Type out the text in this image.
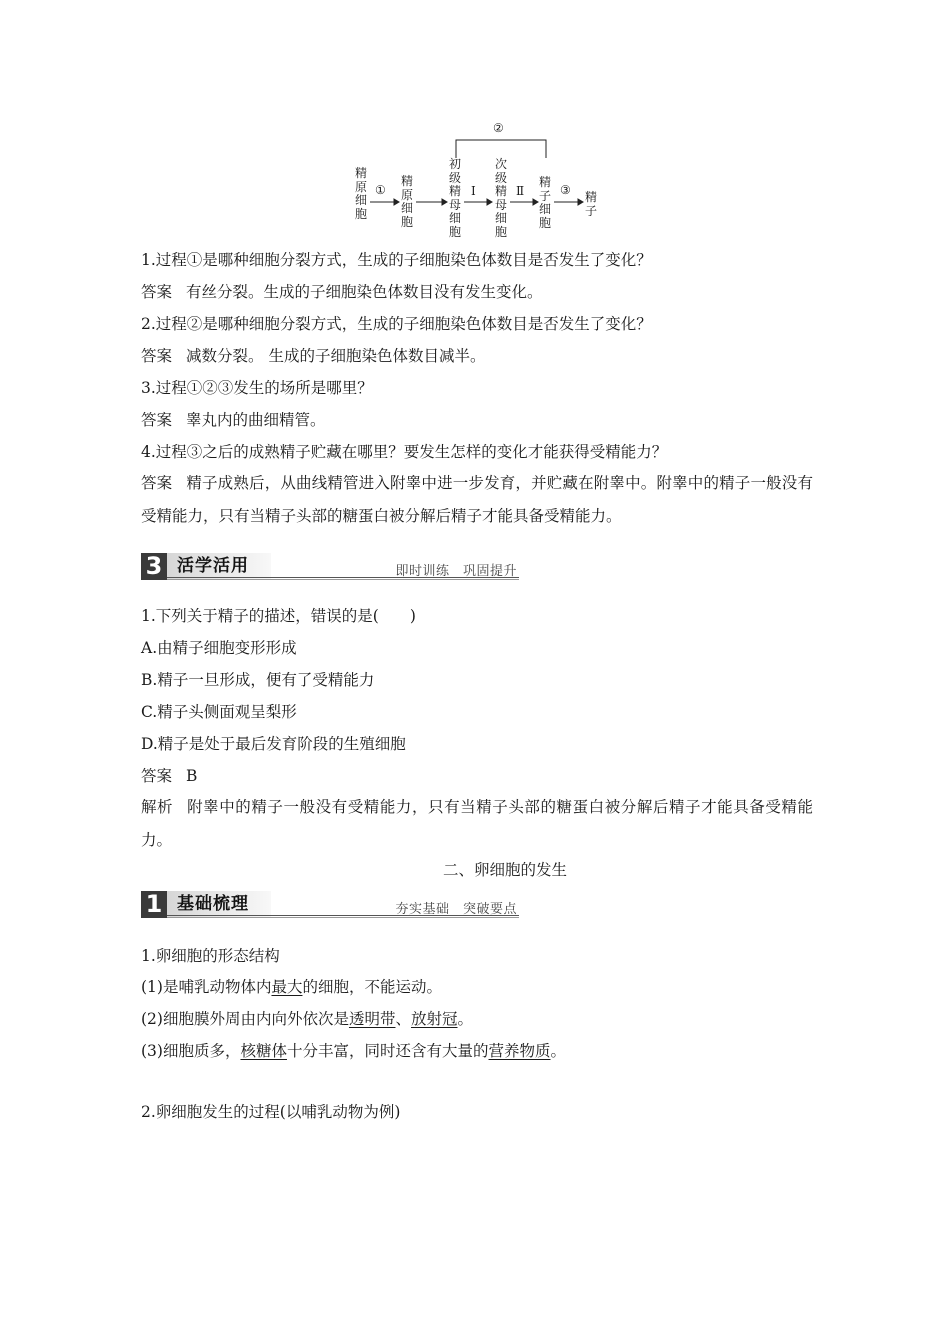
②
精原细胞
①
精原细胞
初级精母细胞
Ⅰ
次级精母细胞
Ⅱ
精子细胞
③ 精子
1.过程①是哪种细胞分裂方式，生成的子细胞染色体数目是否发生了变化？
答案 有丝分裂。生成的子细胞染色体数目没有发生变化。
2.过程②是哪种细胞分裂方式，生成的子细胞染色体数目是否发生了变化？
答案 减数分裂。 生成的子细胞染色体数目减半。
3.过程①②③发生的场所是哪里？
答案 睾丸内的曲细精管。
4.过程③之后的成熟精子贮藏在哪里？要发生怎样的变化才能获得受精能力？
答案 精子成熟后，从曲线精管进入附睾中进一步发育，并贮藏在附睾中。附睾中的精子一般没有受精能力，只有当精子头部的糖蛋白被分解后精子才能具备受精能力。
3 活学活用	即时训练　巩固提升
1.下列关于精子的描述，错误的是(　　)
A.由精子细胞变形形成
B.精子一旦形成，便有了受精能力
C.精子头侧面观呈梨形
D.精子是处于最后发育阶段的生殖细胞
答案 B
解析 附睾中的精子一般没有受精能力，只有当精子头部的糖蛋白被分解后精子才能具备受精能力。
二、卵细胞的发生
1 基础梳理	夯实基础　突破要点
1.卵细胞的形态结构
(1)是哺乳动物体内最大的细胞，不能运动。
(2)细胞膜外周由内向外依次是透明带、放射冠。
(3)细胞质多，核糖体十分丰富，同时还含有大量的营养物质。
2.卵细胞发生的过程(以哺乳动物为例)
